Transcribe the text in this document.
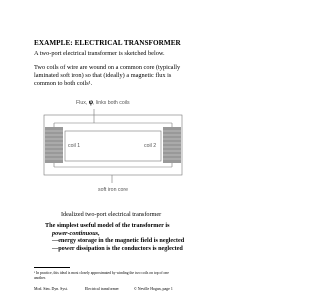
EXAMPLE: ELECTRICAL TRANSFORMER
A two-port electrical transformer is sketched below.
Two coils of wire are wound on a common core (typically
laminated soft iron) so that (ideally) a magnetic flux is
common to both coils¹.
Flux, φ, links both coils
coil 1	coil 2
soft iron core
Idealized two-port electrical transformer
The simplest useful model of the transformer is
power-continuous,
—energy storage in the magnetic field is neglected
—power dissipation is the conductors is neglected
¹ In practice, this ideal is most closely approximated by winding the two coils on top of one
another.
Mod. Sim. Dyn. Syst.	Electrical transformer	© Neville Hogan, page 1
